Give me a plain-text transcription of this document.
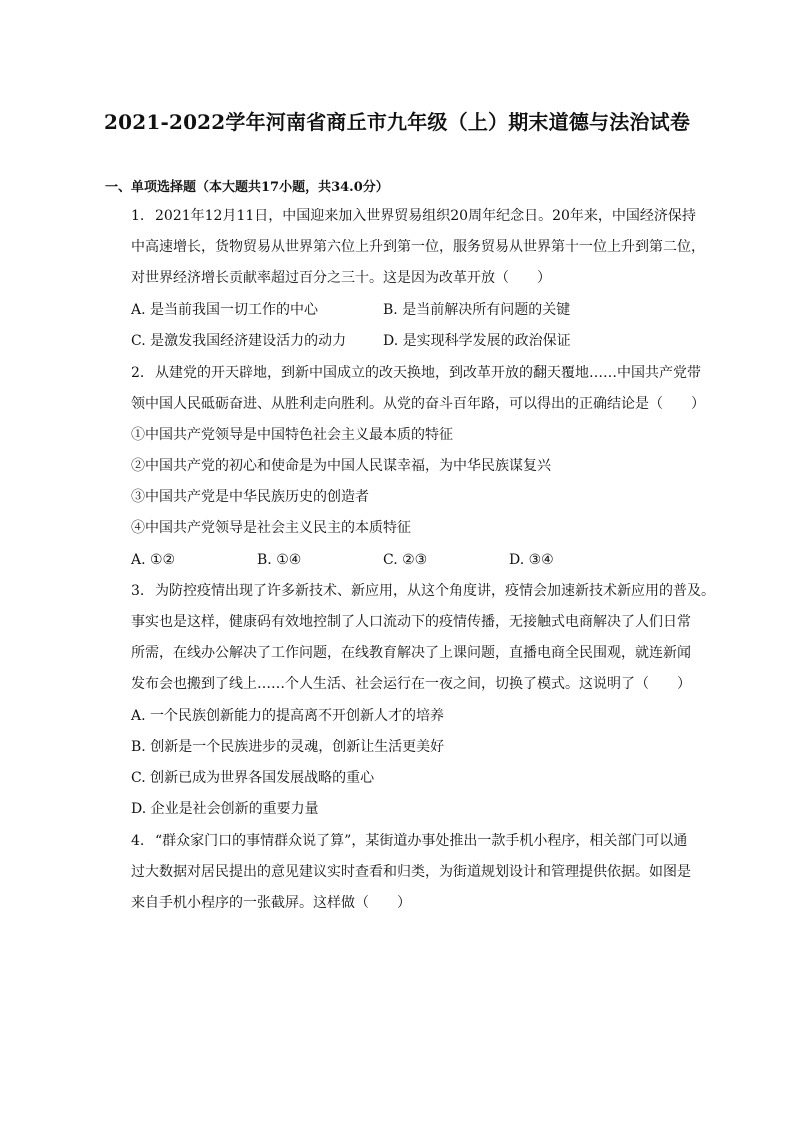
2021-2022学年河南省商丘市九年级（上）期末道德与法治试卷
一、单项选择题（本大题共17小题，共34.0分）
1. 2021年12月11日，中国迎来加入世界贸易组织20周年纪念日。20年来，中国经济保持
中高速增长，货物贸易从世界第六位上升到第一位，服务贸易从世界第十一位上升到第二位，
对世界经济增长贡献率超过百分之三十。这是因为改革开放（　　）
A. 是当前我国一切工作的中心	B. 是当前解决所有问题的关键
C. 是激发我国经济建设活力的动力	D. 是实现科学发展的政治保证
2. 从建党的开天辟地，到新中国成立的改天换地，到改革开放的翻天覆地……中国共产党带
领中国人民砥砺奋进、从胜利走向胜利。从党的奋斗百年路，可以得出的正确结论是（　　）
①中国共产党领导是中国特色社会主义最本质的特征
②中国共产党的初心和使命是为中国人民谋幸福，为中华民族谋复兴
③中国共产党是中华民族历史的创造者
④中国共产党领导是社会主义民主的本质特征
A. ①②	B. ①④	C. ②③	D. ③④
3. 为防控疫情出现了许多新技术、新应用，从这个角度讲，疫情会加速新技术新应用的普及。
事实也是这样，健康码有效地控制了人口流动下的疫情传播，无接触式电商解决了人们日常
所需，在线办公解决了工作问题，在线教育解决了上课问题，直播电商全民围观，就连新闻
发布会也搬到了线上……个人生活、社会运行在一夜之间，切换了模式。这说明了（　　）
A. 一个民族创新能力的提高离不开创新人才的培养
B. 创新是一个民族进步的灵魂，创新让生活更美好
C. 创新已成为世界各国发展战略的重心
D. 企业是社会创新的重要力量
4. “群众家门口的事情群众说了算”，某街道办事处推出一款手机小程序，相关部门可以通
过大数据对居民提出的意见建议实时查看和归类，为街道规划设计和管理提供依据。如图是
来自手机小程序的一张截屏。这样做（　　）
